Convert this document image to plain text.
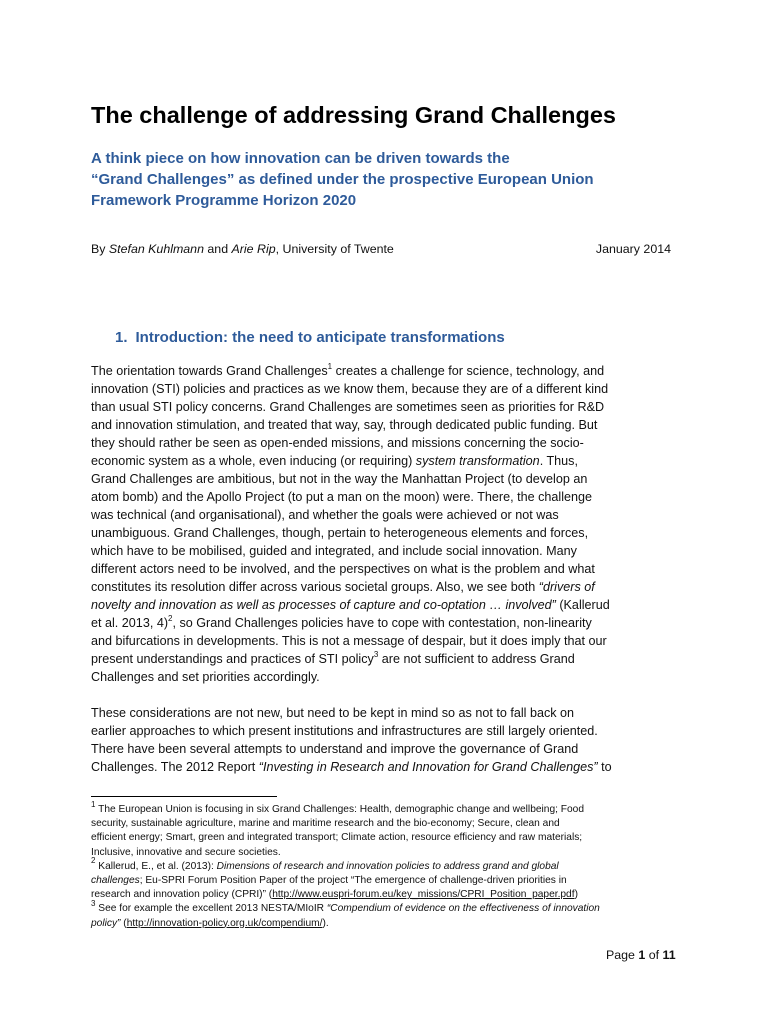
The challenge of addressing Grand Challenges
A think piece on how innovation can be driven towards the
“Grand Challenges” as defined under the prospective European Union
Framework Programme Horizon 2020
By Stefan Kuhlmann and Arie Rip, University of Twente	January 2014
1. Introduction: the need to anticipate transformations
The orientation towards Grand Challenges$^1$ creates a challenge for science, technology, and
innovation (STI) policies and practices as we know them, because they are of a different kind
than usual STI policy concerns. Grand Challenges are sometimes seen as priorities for R&D
and innovation stimulation, and treated that way, say, through dedicated public funding. But
they should rather be seen as open-ended missions, and missions concerning the socio-
economic system as a whole, even inducing (or requiring) system transformation. Thus,
Grand Challenges are ambitious, but not in the way the Manhattan Project (to develop an
atom bomb) and the Apollo Project (to put a man on the moon) were. There, the challenge
was technical (and organisational), and whether the goals were achieved or not was
unambiguous. Grand Challenges, though, pertain to heterogeneous elements and forces,
which have to be mobilised, guided and integrated, and include social innovation. Many
different actors need to be involved, and the perspectives on what is the problem and what
constitutes its resolution differ across various societal groups. Also, we see both “drivers of
novelty and innovation as well as processes of capture and co-optation … involved” (Kallerud
et al. 2013, 4)$^2$, so Grand Challenges policies have to cope with contestation, non-linearity
and bifurcations in developments. This is not a message of despair, but it does imply that our
present understandings and practices of STI policy$^3$ are not sufficient to address Grand
Challenges and set priorities accordingly.
These considerations are not new, but need to be kept in mind so as not to fall back on
earlier approaches to which present institutions and infrastructures are still largely oriented.
There have been several attempts to understand and improve the governance of Grand
Challenges. The 2012 Report “Investing in Research and Innovation for Grand Challenges” to
$^1$ The European Union is focusing in six Grand Challenges: Health, demographic change and wellbeing; Food
security, sustainable agriculture, marine and maritime research and the bio-economy; Secure, clean and
efficient energy; Smart, green and integrated transport; Climate action, resource efficiency and raw materials;
Inclusive, innovative and secure societies.
$^2$ Kallerud, E., et al. (2013): Dimensions of research and innovation policies to address grand and global
challenges; Eu-SPRI Forum Position Paper of the project “The emergence of challenge-driven priorities in
research and innovation policy (CPRI)” (http://www.euspri-forum.eu/key_missions/CPRI_Position_paper.pdf)
$^3$ See for example the excellent 2013 NESTA/MIoIR “Compendium of evidence on the effectiveness of innovation
policy” (http://innovation-policy.org.uk/compendium/).
Page 1 of 11
